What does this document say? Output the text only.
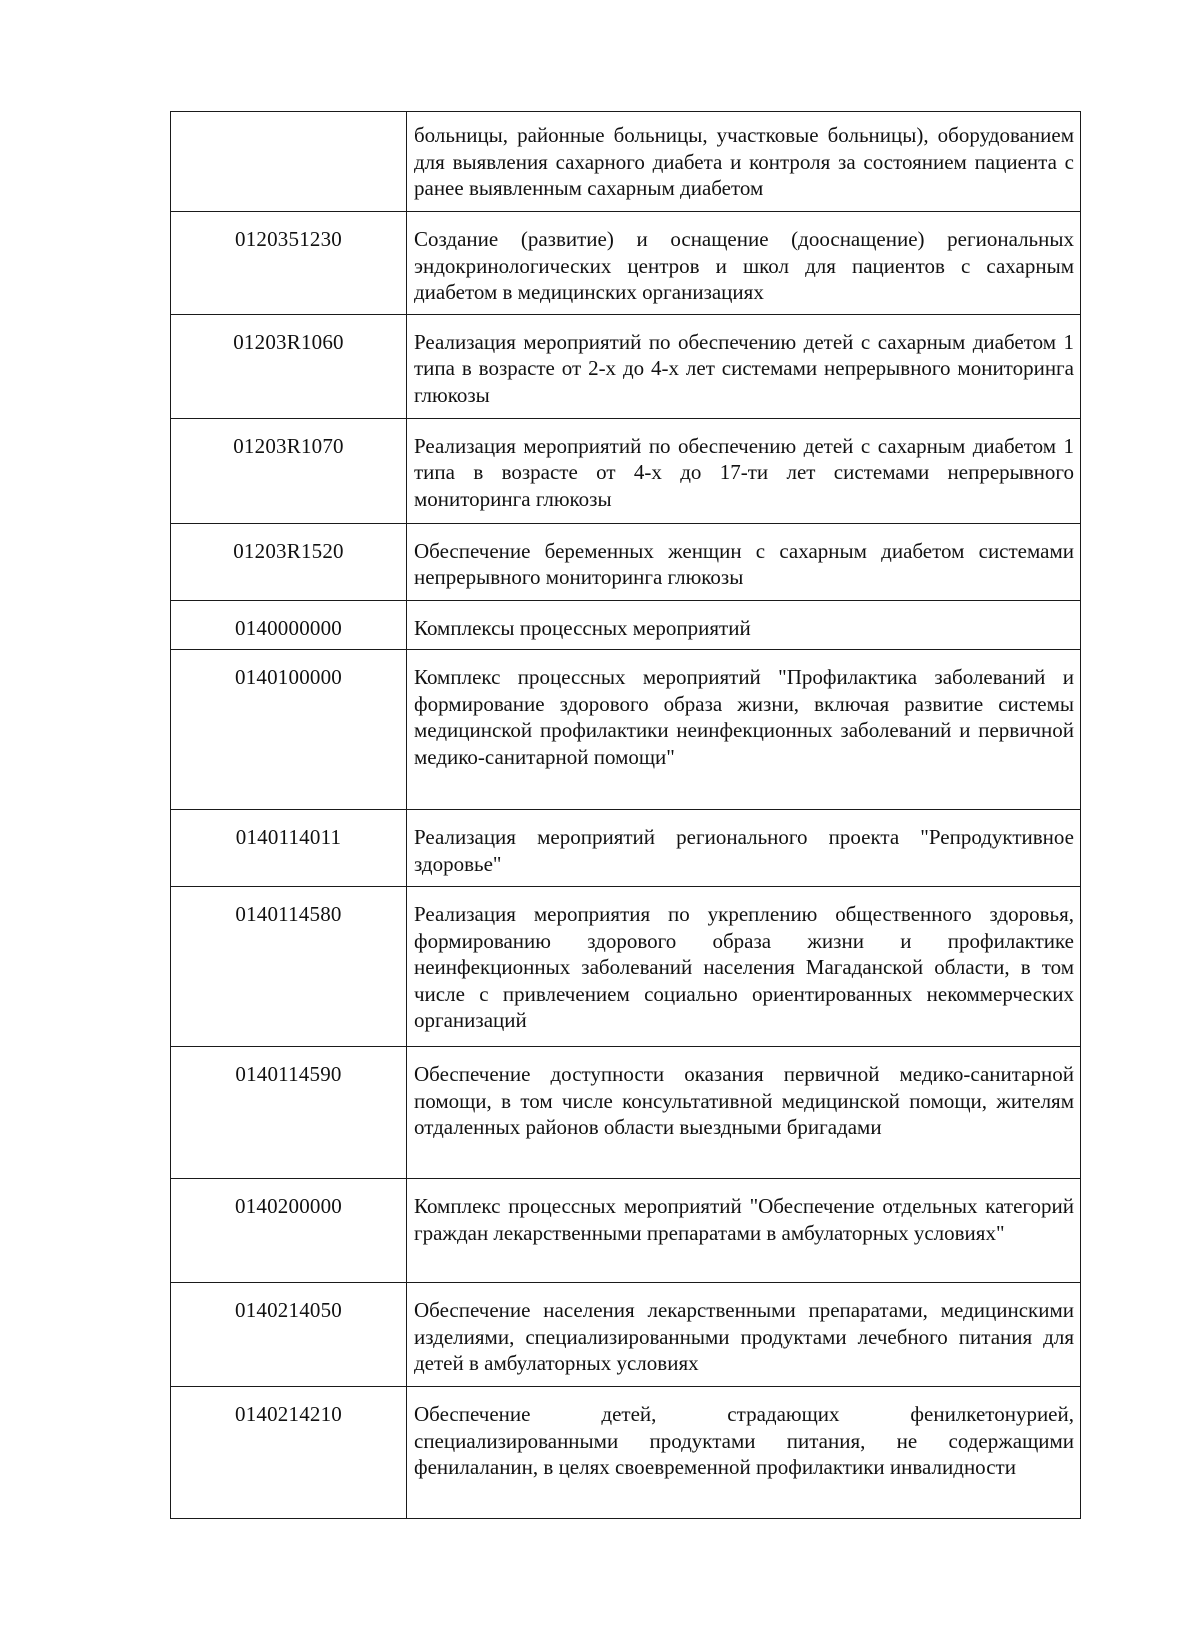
	больницы, районные больницы, участковые больницы), оборудованием для выявления сахарного диабета и контроля за состоянием пациента с ранее выявленным сахарным диабетом

0120351230	Создание (развитие) и оснащение (дооснащение) региональных эндокринологических центров и школ для пациентов с сахарным диабетом в медицинских организациях

01203R1060	Реализация мероприятий по обеспечению детей с сахарным диабетом 1 типа в возрасте от 2-х до 4-х лет системами непрерывного мониторинга глюкозы

01203R1070	Реализация мероприятий по обеспечению детей с сахарным диабетом 1 типа в возрасте от 4-х до 17-ти лет системами непрерывного мониторинга глюкозы

01203R1520	Обеспечение беременных женщин с сахарным диабетом системами непрерывного мониторинга глюкозы

0140000000	Комплексы процессных мероприятий

0140100000	Комплекс процессных мероприятий "Профилактика заболеваний и формирование здорового образа жизни, включая развитие системы медицинской профилактики неинфекционных заболеваний и первичной медико-санитарной помощи"

0140114011	Реализация мероприятий регионального проекта "Репродуктивное здоровье"

0140114580	Реализация мероприятия по укреплению общественного здоровья, формированию здорового образа жизни и профилактике неинфекционных заболеваний населения Магаданской области, в том числе с привлечением социально ориентированных некоммерческих организаций

0140114590	Обеспечение доступности оказания первичной медико-санитарной помощи, в том числе консультативной медицинской помощи, жителям отдаленных районов области выездными бригадами

0140200000	Комплекс процессных мероприятий "Обеспечение отдельных категорий граждан лекарственными препаратами в амбулаторных условиях"

0140214050	Обеспечение населения лекарственными препаратами, медицинскими изделиями, специализированными продуктами лечебного питания для детей в амбулаторных условиях

0140214210	Обеспечение детей, страдающих фенилкетонурией, специализированными продуктами питания, не содержащими фенилаланин, в целях своевременной профилактики инвалидности
